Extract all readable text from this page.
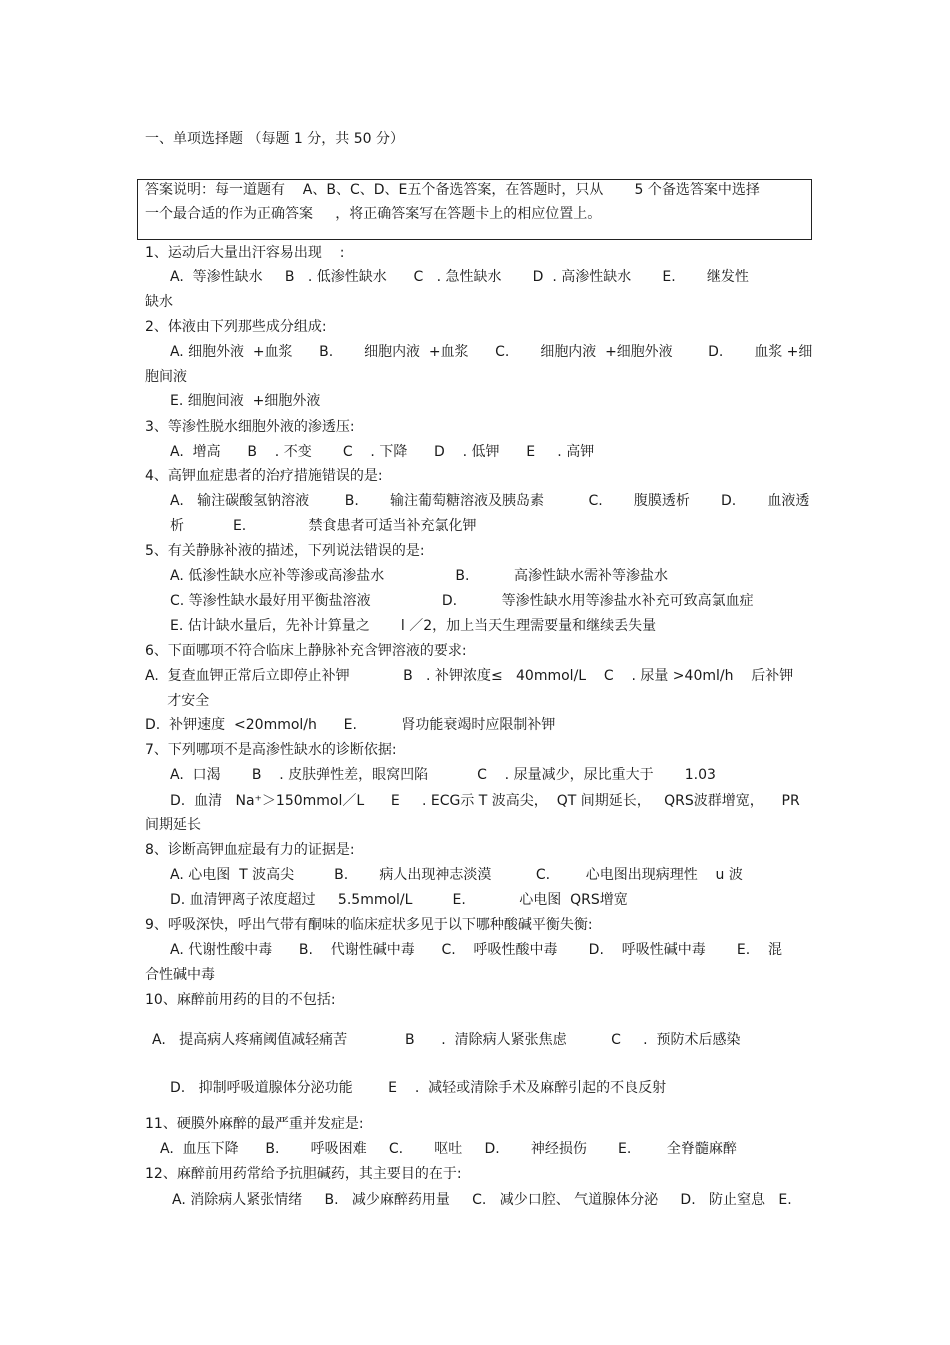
一、单项选择题 （每题 1 分，共 50 分）
答案说明：每一道题有    A、B、C、D、E五个备选答案，在答题时，只从       5 个备选答案中选择
一个最合适的作为正确答案     ，将正确答案写在答题卡上的相应位置上。
1、运动后大量出汗容易出现    :
A.  等渗性缺水     B   . 低渗性缺水      C   . 急性缺水       D  . 高渗性缺水       E.       继发性
缺水
2、体液由下列那些成分组成:
A. 细胞外液  +血浆      B.       细胞内液  +血浆      C.       细胞内液  +细胞外液        D.       血浆 +细
胞间液
E. 细胞间液  +细胞外液
3、等渗性脱水细胞外液的渗透压:
A.  增高      B    . 不变       C    . 下降      D    . 低钾      E     . 高钾
4、高钾血症患者的治疗措施错误的是:
A.   输注碳酸氢钠溶液        B.       输注葡萄糖溶液及胰岛素          C.       腹膜透析       D.       血液透
析           E.              禁食患者可适当补充氯化钾
5、有关静脉补液的描述，下列说法错误的是:
A. 低渗性缺水应补等渗或高渗盐水                B.          高渗性缺水需补等渗盐水
C. 等渗性缺水最好用平衡盐溶液                D.          等渗性缺水用等渗盐水补充可致高氯血症
E. 估计缺水量后，先补计算量之       l ／2，加上当天生理需要量和继续丢失量
6、下面哪项不符合临床上静脉补充含钾溶液的要求:
A.  复查血钾正常后立即停止补钾            B   . 补钾浓度≤   40mmol/L    C    . 尿量 >40ml/h    后补钾
才安全
D.  补钾速度  <20mmol/h      E.          肾功能衰竭时应限制补钾
7、下列哪项不是高渗性缺水的诊断依据:
A.  口渴       B    . 皮肤弹性差，眼窝凹陷           C    . 尿量减少，尿比重大于       1.03
D.  血清   Na⁺＞150mmol／L      E     . ECG示 T 波高尖，  QT 间期延长，   QRS波群增宽，    PR
间期延长
8、诊断高钾血症最有力的证据是:
A. 心电图  T 波高尖         B.       病人出现神志淡漠          C.        心电图出现病理性    u 波
D. 血清钾离子浓度超过     5.5mmol/L         E.            心电图  QRS增宽
9、呼吸深快，呼出气带有酮味的临床症状多见于以下哪种酸碱平衡失衡:
A. 代谢性酸中毒      B.    代谢性碱中毒      C.    呼吸性酸中毒       D.    呼吸性碱中毒       E.    混
合性碱中毒
10、麻醉前用药的目的不包括:
A.   提高病人疼痛阈值减轻痛苦             B      .  清除病人紧张焦虑          C     .  预防术后感染
D.   抑制呼吸道腺体分泌功能        E    .  减轻或清除手术及麻醉引起的不良反射
11、硬膜外麻醉的最严重并发症是:
A.  血压下降      B.       呼吸困难     C.       呕吐     D.       神经损伤       E.        全脊髓麻醉
12、麻醉前用药常给予抗胆碱药，其主要目的在于:
A. 消除病人紧张情绪     B.   减少麻醉药用量     C.   减少口腔、 气道腺体分泌     D.   防止窒息   E.
